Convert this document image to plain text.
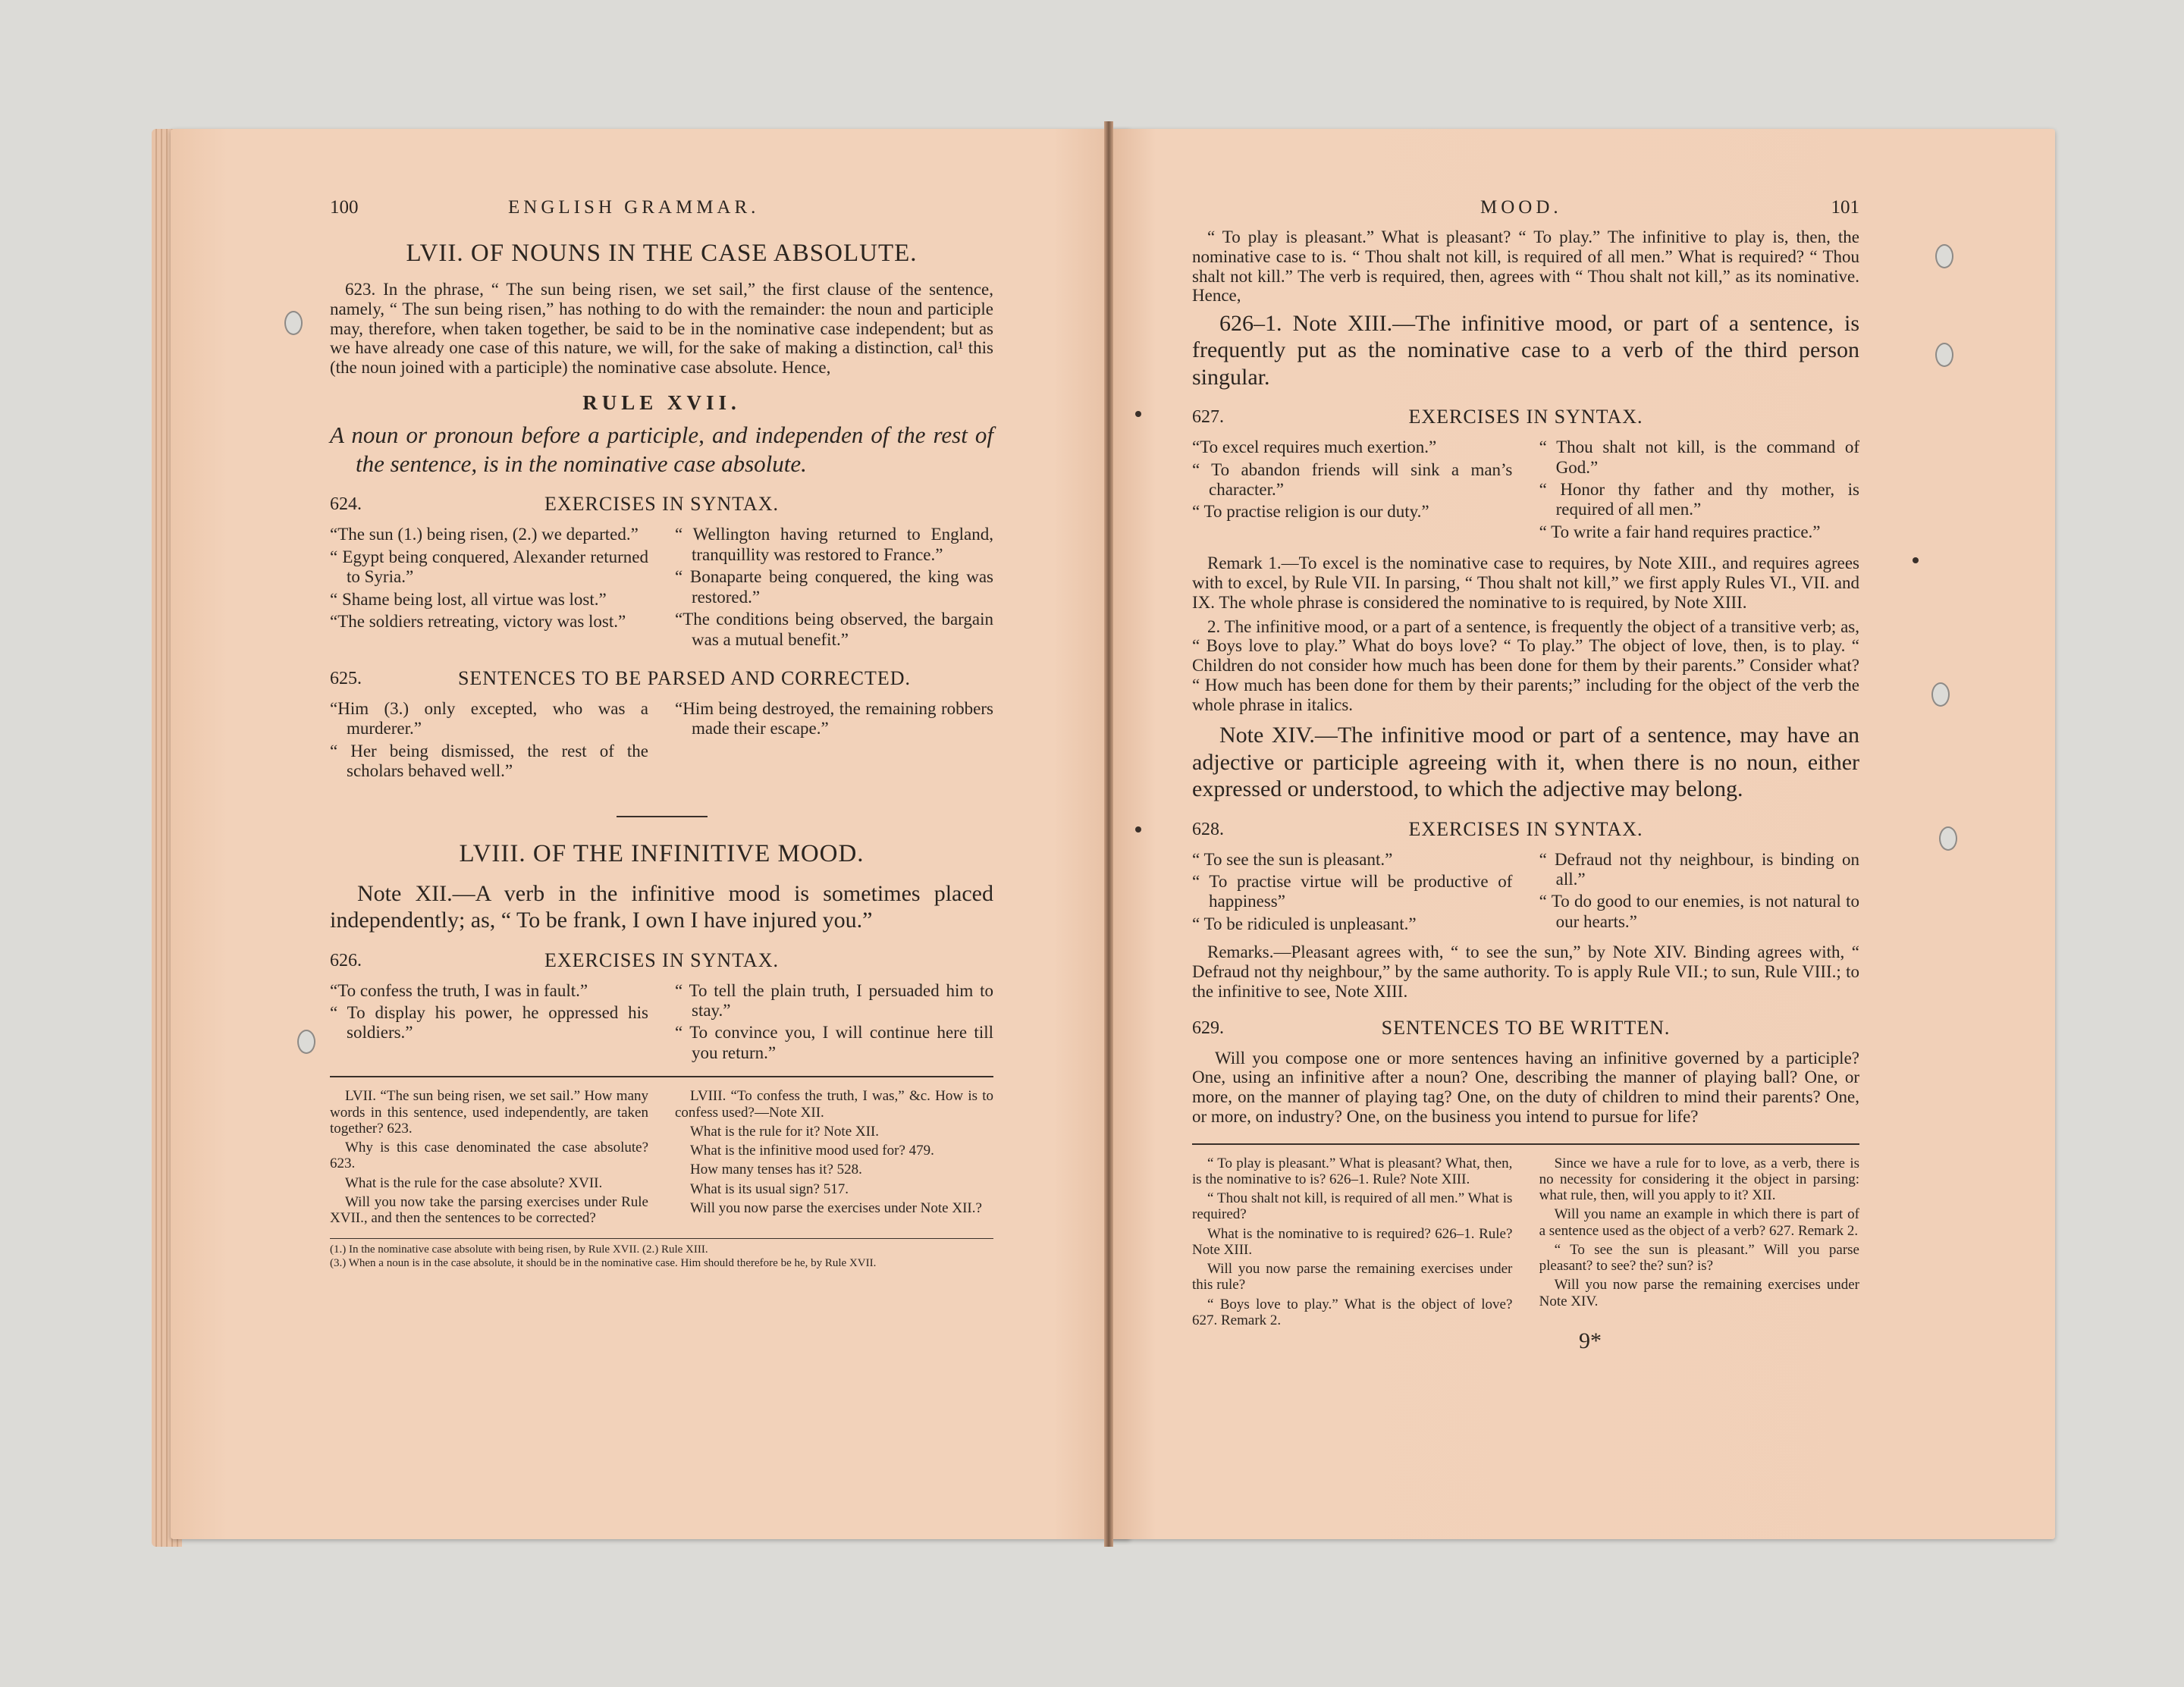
100	ENGLISH GRAMMAR.
LVII. OF NOUNS IN THE CASE ABSOLUTE.

623. In the phrase, “ The sun being risen, we set sail,” the first clause of the sentence, namely, “ The sun being risen,” has nothing to do with the remainder: the noun and participle may, therefore, when taken together, be said to be in the nominative case independent; but as we have already one case of this nature, we will, for the sake of making a distinction, cal¹ this (the noun joined with a participle) the nominative case absolute. Hence,

RULE XVII.

A noun or pronoun before a participle, and independen of the rest of the sentence, is in the nominative case absolute.

624.	EXERCISES IN SYNTAX.
“The sun (1.) being risen, (2.) we departed.”
“ Egypt being conquered, Alexander returned to Syria.”
“ Shame being lost, all virtue was lost.”
“The soldiers retreating, victory was lost.”
“ Wellington having returned to England, tranquillity was restored to France.”
“ Bonaparte being conquered, the king was restored.”
“The conditions being observed, the bargain was a mutual benefit.”
625.	SENTENCES TO BE PARSED AND CORRECTED.
“Him (3.) only excepted, who was a murderer.”
“ Her being dismissed, the rest of the scholars behaved well.”
“Him being destroyed, the remaining robbers made their escape.”
LVIII. OF THE INFINITIVE MOOD.

Note XII.—A verb in the infinitive mood is sometimes placed independently; as, “ To be frank, I own I have injured you.”

626.	EXERCISES IN SYNTAX.
“To confess the truth, I was in fault.”
“ To display his power, he oppressed his soldiers.”
“ To tell the plain truth, I persuaded him to stay.”
“ To convince you, I will continue here till you return.”

LVII. “The sun being risen, we set sail.” How many words in this sentence, used independently, are taken together? 623.

Why is this case denominated the case absolute? 623.

What is the rule for the case absolute? XVII.

Will you now take the parsing exercises under Rule XVII., and then the sentences to be corrected?

LVIII. “To confess the truth, I was,” &c. How is to confess used?—Note XII.

What is the rule for it? Note XII.

What is the infinitive mood used for? 479.

How many tenses has it? 528.

What is its usual sign? 517.

Will you now parse the exercises under Note XII.?

(1.) In the nominative case absolute with being risen, by Rule XVII. (2.) Rule XIII.
(3.) When a noun is in the case absolute, it should be in the nominative case. Him should therefore be he, by Rule XVII.
MOOD.	101

“ To play is pleasant.” What is pleasant? “ To play.” The infinitive to play is, then, the nominative case to is. “ Thou shalt not kill, is required of all men.” What is required? “ Thou shalt not kill.” The verb is required, then, agrees with “ Thou shalt not kill,” as its nominative. Hence,

626–1. Note XIII.—The infinitive mood, or part of a sentence, is frequently put as the nominative case to a verb of the third person singular.

627.	EXERCISES IN SYNTAX.
“To excel requires much exertion.”
“ To abandon friends will sink a man’s character.”
“ To practise religion is our duty.”
“ Thou shalt not kill, is the command of God.”
“ Honor thy father and thy mother, is required of all men.”
“ To write a fair hand requires practice.”

Remark 1.—To excel is the nominative case to requires, by Note XIII., and requires agrees with to excel, by Rule VII. In parsing, “ Thou shalt not kill,” we first apply Rules VI., VII. and IX. The whole phrase is considered the nominative to is required, by Note XIII.

2. The infinitive mood, or a part of a sentence, is frequently the object of a transitive verb; as, “ Boys love to play.” What do boys love? “ To play.” The object of love, then, is to play. “ Children do not consider how much has been done for them by their parents.” Consider what? “ How much has been done for them by their parents;” including for the object of the verb the whole phrase in italics.

Note XIV.—The infinitive mood or part of a sentence, may have an adjective or participle agreeing with it, when there is no noun, either expressed or understood, to which the adjective may belong.

628.	EXERCISES IN SYNTAX.
“ To see the sun is pleasant.”
“ To practise virtue will be productive of happiness”
“ To be ridiculed is unpleasant.”
“ Defraud not thy neighbour, is binding on all.”
“ To do good to our enemies, is not natural to our hearts.”

Remarks.—Pleasant agrees with, “ to see the sun,” by Note XIV. Binding agrees with, “ Defraud not thy neighbour,” by the same authority. To is apply Rule VII.; to sun, Rule VIII.; to the infinitive to see, Note XIII.

629.	SENTENCES TO BE WRITTEN.

Will you compose one or more sentences having an infinitive governed by a participle? One, using an infinitive after a noun? One, describing the manner of playing ball? One, or more, on the manner of playing tag? One, on the duty of children to mind their parents? One, or more, on industry? One, on the business you intend to pursue for life?

“ To play is pleasant.” What is pleasant? What, then, is the nominative to is? 626–1. Rule? Note XIII.

“ Thou shalt not kill, is required of all men.” What is required?

What is the nominative to is required? 626–1. Rule? Note XIII.

Will you now parse the remaining exercises under this rule?

“ Boys love to play.” What is the object of love? 627. Remark 2.

Since we have a rule for to love, as a verb, there is no necessity for considering it the object in parsing: what rule, then, will you apply to it? XII.

Will you name an example in which there is part of a sentence used as the object of a verb? 627. Remark 2.

“ To see the sun is pleasant.” Will you parse pleasant? to see? the? sun? is?

Will you now parse the remaining exercises under Note XIV.

9*
